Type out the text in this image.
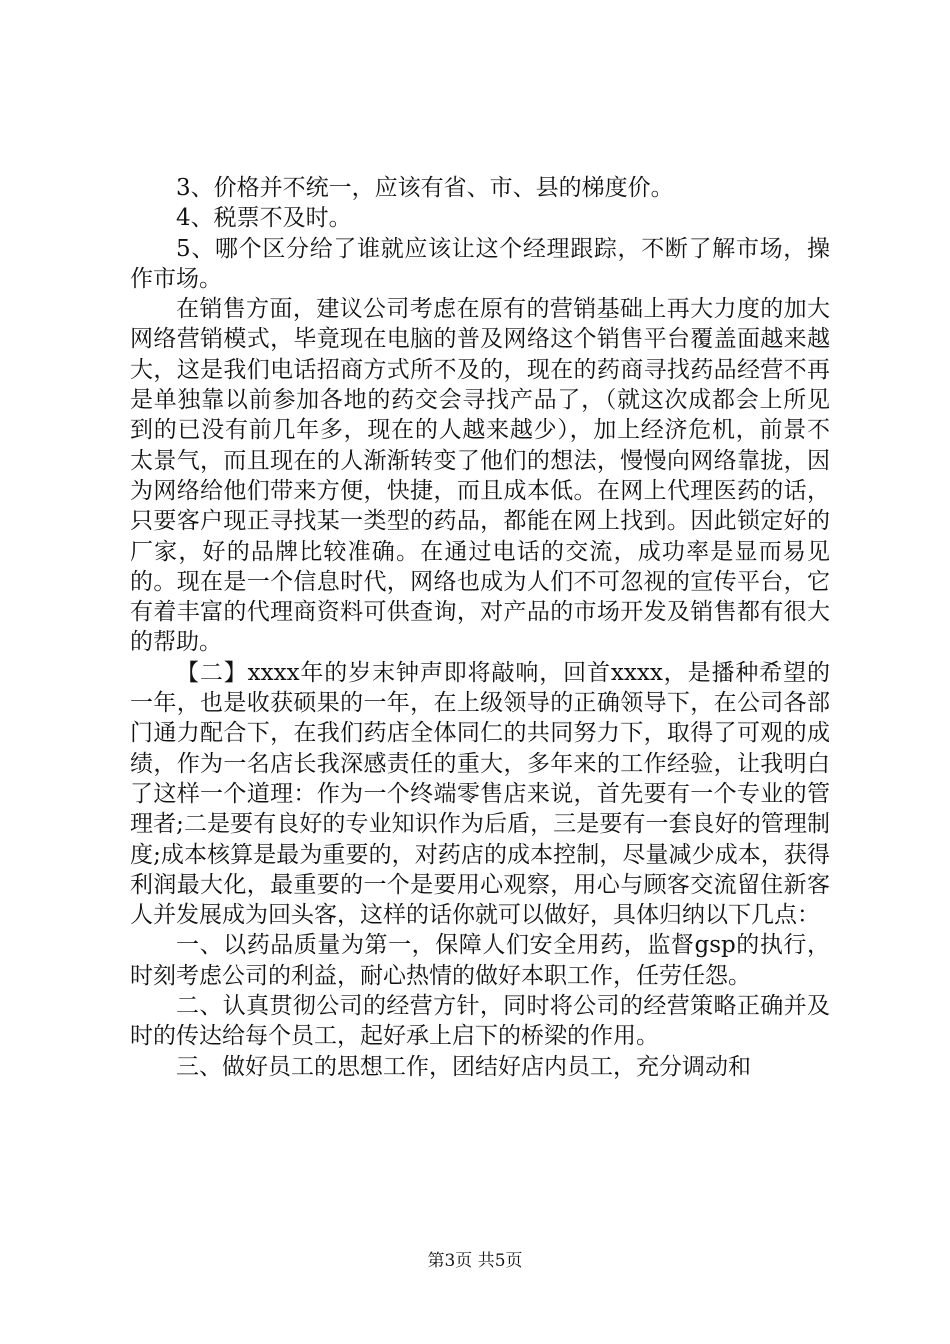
3、价格并不统一，应该有省、市、县的梯度价。

4、税票不及时。

5、哪个区分给了谁就应该让这个经理跟踪，不断了解市场，操作市场。

在销售方面，建议公司考虑在原有的营销基础上再大力度的加大网络营销模式，毕竟现在电脑的普及网络这个销售平台覆盖面越来越大，这是我们电话招商方式所不及的，现在的药商寻找药品经营不再是单独靠以前参加各地的药交会寻找产品了，（就这次成都会上所见到的已没有前几年多，现在的人越来越少），加上经济危机，前景不太景气，而且现在的人渐渐转变了他们的想法，慢慢向网络靠拢，因为网络给他们带来方便，快捷，而且成本低。在网上代理医药的话，只要客户现正寻找某一类型的药品，都能在网上找到。因此锁定好的厂家，好的品牌比较准确。在通过电话的交流，成功率是显而易见的。现在是一个信息时代，网络也成为人们不可忽视的宣传平台，它有着丰富的代理商资料可供查询，对产品的市场开发及销售都有很大的帮助。

【二】xxxx年的岁末钟声即将敲响，回首xxxx，是播种希望的一年，也是收获硕果的一年，在上级领导的正确领导下，在公司各部门通力配合下，在我们药店全体同仁的共同努力下，取得了可观的成绩，作为一名店长我深感责任的重大，多年来的工作经验，让我明白了这样一个道理：作为一个终端零售店来说，首先要有一个专业的管理者;二是要有良好的专业知识作为后盾，三是要有一套良好的管理制度;成本核算是最为重要的，对药店的成本控制，尽量减少成本，获得利润最大化，最重要的一个是要用心观察，用心与顾客交流留住新客人并发展成为回头客，这样的话你就可以做好，具体归纳以下几点：

一、以药品质量为第一，保障人们安全用药，监督gsp的执行，时刻考虑公司的利益，耐心热情的做好本职工作，任劳任怨。

二、认真贯彻公司的经营方针，同时将公司的经营策略正确并及时的传达给每个员工，起好承上启下的桥梁的作用。

三、做好员工的思想工作，团结好店内员工，充分调动和

第3页 共5页
